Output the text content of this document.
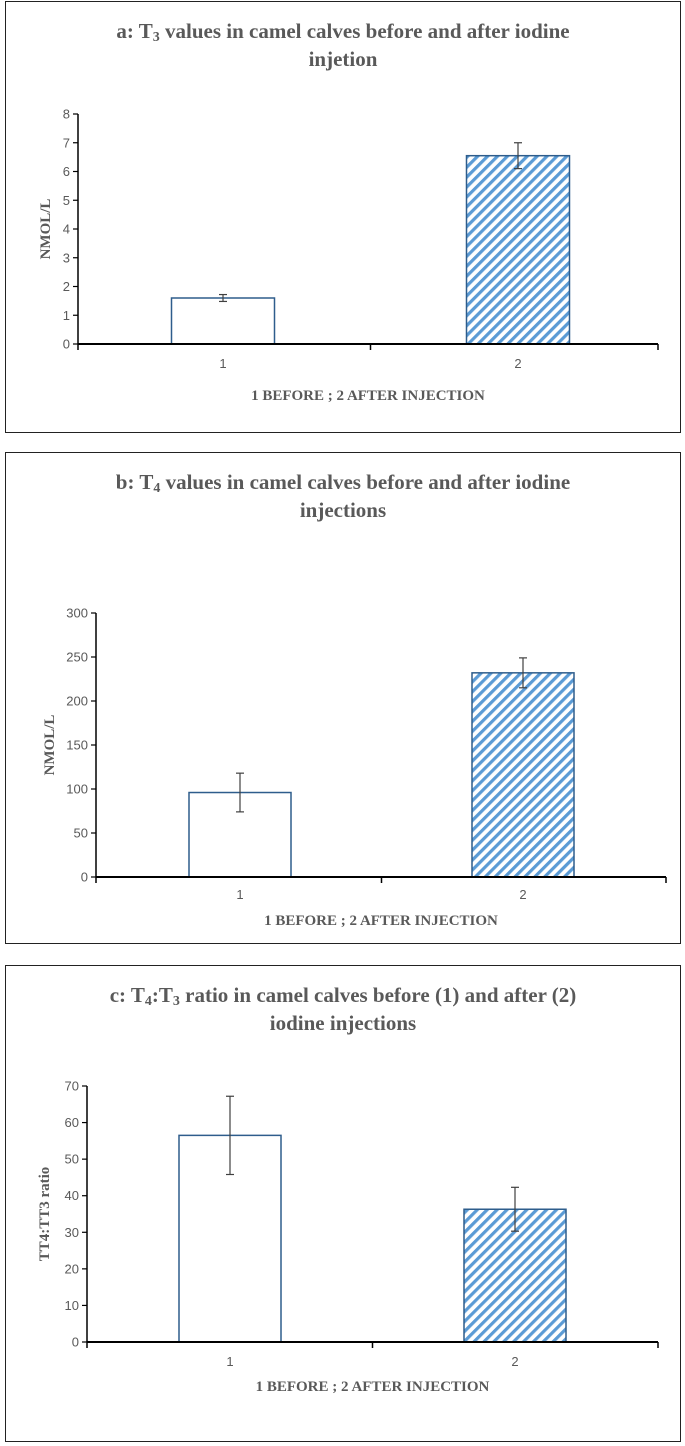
a: $T_3$ values in camel calves before and after iodine
injetion
0
1
2
3
4
5
6
7
8
1	2
1 BEFORE ; 2 AFTER INJECTION
NMOL/L
b: $T_4$ values in camel calves before and after iodine
injections
0
50
100
150
200
250
300
1	2
1 BEFORE ; 2 AFTER INJECTION
NMOL/L
c: $T_4:T_3$ ratio in camel calves before (1) and after (2)
iodine injections
0
10
20
30
40
50
60
70
1	2
1 BEFORE ; 2 AFTER INJECTION
TT4:TT3 ratio
